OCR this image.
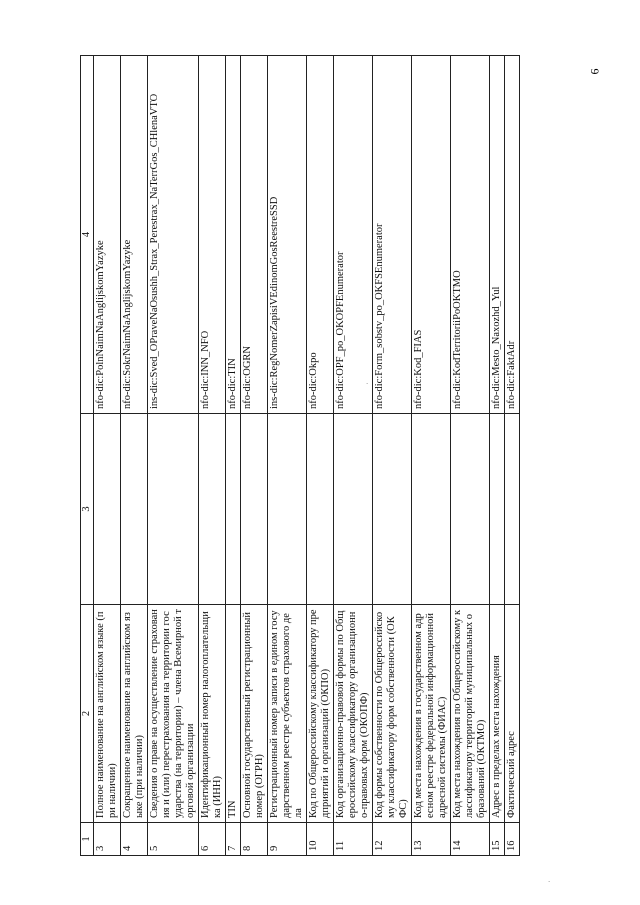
1	2	3	4
3	Полное наименование на английском языке (при наличии)		nfo-dic:PolnNaimNaAnglijskomYazyke
4	Сокращенное наименование на английском языке (при наличии)		nfo-dic:SokrNaimNaAnglijskomYazyke
5	Сведения о праве на осуществление страхования и (или) перестрахования на территории государства (на территории) – члена Всемирной торговой организации		ins-dic:Sved_OPraveNaOsushh_Strax_Perestrax_NaTerrGos_CHlenaVTO
6	Идентификационный номер налогоплательщика (ИНН)		nfo-dic:INN_NFO
7	TIN		nfo-dic:TIN
8	Основной государственный регистрационный номер (ОГРН)		nfo-dic:OGRN
9	Регистрационный номер записи в едином государственном реестре субъектов страхового дела		ins-dic:RegNomerZapisiVEdinomGosReestreSSD
10	Код по Общероссийскому классификатору предприятий и организаций (ОКПО)		nfo-dic:Okpo
11	Код организационно-правовой формы по Общероссийскому классификатору организационно-правовых форм (ОКОПФ)		nfo-dic:OPF_po_OKOPFEnumerator
12	Код формы собственности по Общероссийскому классификатору форм собственности (ОКФС)		nfo-dic:Form_sobstv_po_OKFSEnumerator
13	Код места нахождения в государственном адресном реестре федеральной информационной адресной системы (ФИАС)		nfo-dic:Kod_FIAS
14	Код места нахождения по Общероссийскому классификатору территорий муниципальных образований (ОКТМО)		nfo-dic:KodTerritoriiPoOKTMO
15	Адрес в пределах места нахождения		nfo-dic:Mesto_Naxozhd_Yul
16	Фактический адрес		nfo-dic:FaktAdr
6
·
·
